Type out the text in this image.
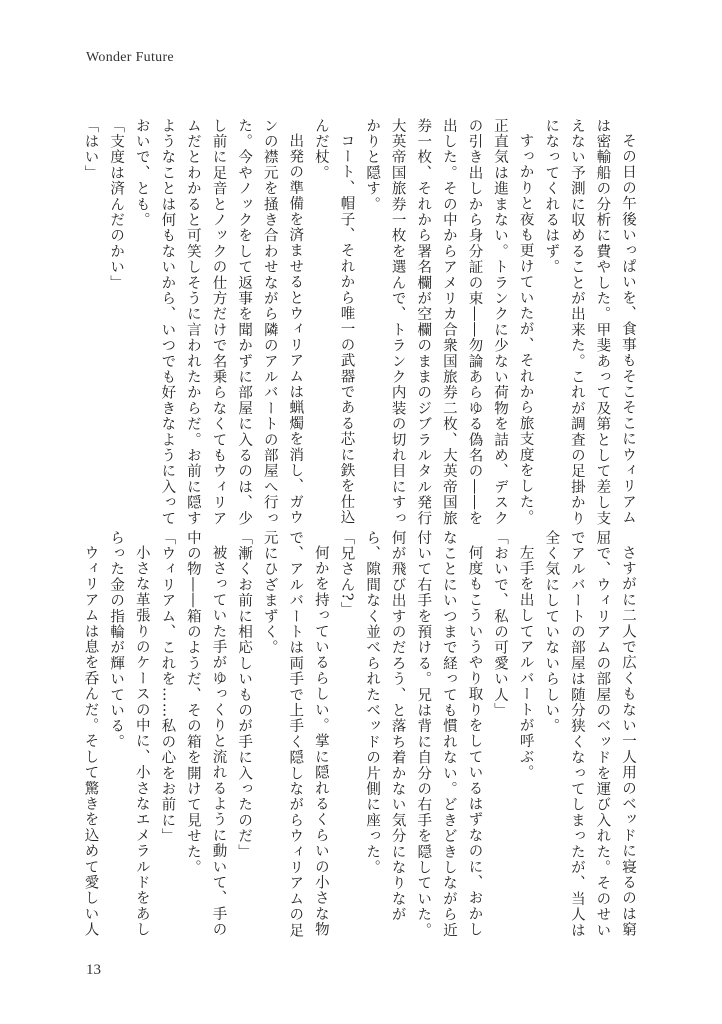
Wonder Future

その日の午後いっぱいを、食事もそこそこにウィリアムは密輸船の分析に費やした。甲斐あって及第として差し支えない予測に収めることが出来た。これが調査の足掛かりになってくれるはず。

すっかりと夜も更けていたが、それから旅支度をした。正直気は進まない。トランクに少ない荷物を詰め、デスクの引き出しから身分証の束――勿論あらゆる偽名の――を出した。その中からアメリカ合衆国旅券二枚、大英帝国旅券一枚、それから署名欄が空欄のままのジブラルタル発行大英帝国旅券一枚を選んで、トランク内装の切れ目にすっかりと隠す。

コート、帽子、それから唯一の武器である芯に鉄を仕込んだ杖。

出発の準備を済ませるとウィリアムは蝋燭を消し、ガウンの襟元を掻き合わせながら隣のアルバートの部屋へ行った。今やノックをして返事を聞かずに部屋に入るのは、少し前に足音とノックの仕方だけで名乗らなくてもウィリアムだとわかると可笑しそうに言われたからだ。お前に隠すようなことは何もないから、いつでも好きなように入っておいで、とも。

「支度は済んだのかい」

「はい」

さすがに二人で広くもない一人用のベッドに寝るのは窮屈で、ウィリアムの部屋のベッドを運び入れた。そのせいでアルバートの部屋は随分狭くなってしまったが、当人は全く気にしていないらしい。

左手を出してアルバートが呼ぶ。

「おいで、私の可愛い人」

何度もこういうやり取りをしているはずなのに、おかしなことにいつまで経っても慣れない。どきどきしながら近付いて右手を預ける。兄は背に自分の右手を隠していた。何が飛び出すのだろう、と落ち着かない気分になりながら、隙間なく並べられたベッドの片側に座った。

「兄さん?」

何かを持っているらしい。掌に隠れるくらいの小さな物で、アルバートは両手で上手く隠しながらウィリアムの足元にひざまずく。

「漸くお前に相応しいものが手に入ったのだ」

被さっていた手がゆっくりと流れるように動いて、手の中の物――箱のようだ、その箱を開けて見せた。

「ウィリアム、これを……私の心をお前に」

小さな革張りのケースの中に、小さなエメラルドをあしらった金の指輪が輝いている。

ウィリアムは息を呑んだ。そして驚きを込めて愛しい人

13
